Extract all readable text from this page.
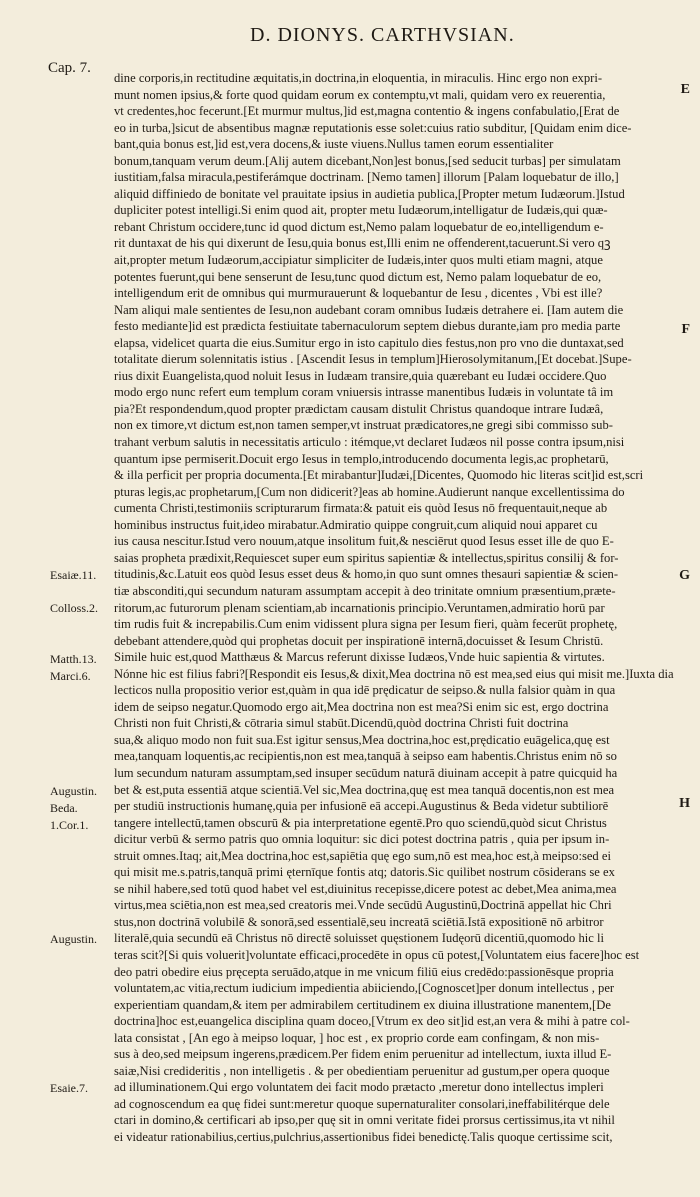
Cap. 7.
D. DIONYS. CARTHVSIAN.
Esaiæ.11.
Colloss.2.
Matth.13.
Marci.6.
Augustin.
Beda.
1.Cor.1.
Augustin.
Esaie.7.
E
F
G
H
dine corporis,in rectitudine æquitatis,in doctrina,in eloquentia, in miraculis. Hinc ergo non expri-
munt nomen ipsius,& forte quod quidam eorum ex contemptu,vt mali, quidam vero ex reuerentia,
vt credentes,hoc fecerunt.[Et murmur multus,]id est,magna contentio & ingens confabulatio,[Erat de
eo in turba,]sicut de absentibus magnæ reputationis esse solet:cuius ratio subditur, [Quidam enim dice-
bant,quia bonus est,]id est,vera docens,& iuste viuens.Nullus tamen eorum essentialiter
bonum,tanquam verum deum.[Alij autem dicebant,Non]est bonus,[sed seducit turbas] per simulatam
iustitiam,falsa miracula,pestiferámque doctrinam. [Nemo tamen] illorum [Palam loquebatur de illo,]
aliquid diffiniedo de bonitate vel prauitate ipsius in audietia publica,[Propter metum Iudæorum.]Istud
dupliciter potest intelligi.Si enim quod ait, propter metu Iudæorum,intelligatur de Iudæis,qui quæ-
rebant Christum occidere,tunc id quod dictum est,Nemo palam loquebatur de eo,intelligendum e-
rit duntaxat de his qui dixerunt de Iesu,quia bonus est,Illi enim ne offenderent,tacuerunt.Si vero qꝫ
ait,propter metum Iudæorum,accipiatur simpliciter de Iudæis,inter quos multi etiam magni, atque
potentes fuerunt,qui bene senserunt de Iesu,tunc quod dictum est, Nemo palam loquebatur de eo,
intelligendum erit de omnibus qui murmurauerunt & loquebantur de Iesu , dicentes , Vbi est ille?
Nam aliqui male sentientes de Iesu,non audebant coram omnibus Iudæis detrahere ei. [Iam autem die
festo mediante]id est prædicta festiuitate tabernaculorum septem diebus durante,iam pro media parte
elapsa, videlicet quarta die eius.Sumitur ergo in isto capitulo dies festus,non pro vno die duntaxat,sed
totalitate dierum solennitatis istius . [Ascendit Iesus in templum]Hierosolymitanum,[Et docebat.]Supe-
rius dixit Euangelista,quod noluit Iesus in Iudæam transire,quia quærebant eu Iudæi occidere.Quo
modo ergo nunc refert eum templum coram vniuersis intrasse manentibus Iudæis in voluntate tâ im
pia?Et respondendum,quod propter prædictam causam distulit Christus quandoque intrare Iudæâ,
non ex timore,vt dictum est,non tamen semper,vt instruat prædicatores,ne gregi sibi commisso sub-
trahant verbum salutis in necessitatis articulo : itémque,vt declaret Iudæos nil posse contra ipsum,nisi
quantum ipse permiserit.Docuit ergo Iesus in templo,introducendo documenta legis,ac prophetarū,
& illa perficit per propria documenta.[Et mirabantur]Iudæi,[Dicentes, Quomodo hic literas scit]id est,scri
pturas legis,ac prophetarum,[Cum non didicerit?]eas ab homine.Audierunt nanque excellentissima do
cumenta Christi,testimoniis scripturarum firmata:& patuit eis quòd Iesus nō frequentauit,neque ab
hominibus instructus fuit,ideo mirabatur.Admiratio quippe congruit,cum aliquid noui apparet cu
ius causa nescitur.Istud vero nouum,atque insolitum fuit,& nesciērut quod Iesus esset ille de quo E-
saias propheta prædixit,Requiescet super eum spiritus sapientiæ & intellectus,spiritus consilij & for-
titudinis,&c.Latuit eos quòd Iesus esset deus & homo,in quo sunt omnes thesauri sapientiæ & scien-
tiæ absconditi,qui secundum naturam assumptam accepit à deo trinitate omnium præsentium,præte-
ritorum,ac futurorum plenam scientiam,ab incarnationis principio.Veruntamen,admiratio horū par
tim rudis fuit & increpabilis.Cum enim vidissent plura signa per Iesum fieri, quàm fecerūt prophetę,
debebant attendere,quòd qui prophetas docuit per inspirationē internā,docuisset & Iesum Christū.
Simile huic est,quod Matthæus & Marcus referunt dixisse Iudæos,Vnde huic sapientia & virtutes.
Nónne hic est filius fabri?[Respondit eis Iesus,& dixit,Mea doctrina nō est mea,sed eius qui misit me.]Iuxta dia
lecticos nulla propositio verior est,quàm in qua idē prędicatur de seipso.& nulla falsior quàm in qua
idem de seipso negatur.Quomodo ergo ait,Mea doctrina non est mea?Si enim sic est, ergo doctrina
Christi non fuit Christi,& cōtraria simul stabūt.Dicendū,quòd doctrina Christi fuit doctrina
sua,& aliquo modo non fuit sua.Est igitur sensus,Mea doctrina,hoc est,prędicatio euāgelica,quę est
mea,tanquam loquentis,ac recipientis,non est mea,tanquā à seipso eam habentis.Christus enim nō so
lum secundum naturam assumptam,sed insuper secūdum naturā diuinam accepit à patre quicquid ha
bet & est,puta essentiā atque scientiā.Vel sic,Mea doctrina,quę est mea tanquā docentis,non est mea
per studiū instructionis humanę,quia per infusionē eā accepi.Augustinus & Beda videtur subtiliorē
tangere intellectū,tamen obscurū & pia interpretatione egentē.Pro quo sciendū,quòd sicut Christus
dicitur verbū & sermo patris quo omnia loquitur: sic dici potest doctrina patris , quia per ipsum in-
struit omnes.Itaq; ait,Mea doctrina,hoc est,sapiētia quę ego sum,nō est mea,hoc est,à meipso:sed ei
qui misit me.s.patris,tanquā primi ęternīque fontis atq; datoris.Sic quilibet nostrum cōsiderans se ex
se nihil habere,sed totū quod habet vel est,diuinitus recepisse,dicere potest ac debet,Mea anima,mea
virtus,mea sciētia,non est mea,sed creatoris mei.Vnde secūdū Augustinū,Doctrinā appellat hic Chri
stus,non doctrinā volubilē & sonorā,sed essentialē,seu increatā sciētiā.Istā expositionē nō arbitror
literalē,quia secundū eā Christus nō directē soluisset quęstionem Iudęorū dicentiū,quomodo hic li
teras scit?[Si quis voluerit]voluntate efficaci,procedēte in opus cū potest,[Voluntatem eius facere]hoc est
deo patri obedire eius pręcepta seruādo,atque in me vnicum filiū eius credēdo:passionēsque propria
voluntatem,ac vitia,rectum iudicium impedientia abiiciendo,[Cognoscet]per donum intellectus , per
experientiam quandam,& item per admirabilem certitudinem ex diuina illustratione manentem,[De
doctrina]hoc est,euangelica disciplina quam doceo,[Vtrum ex deo sit]id est,an vera & mihi à patre col-
lata consistat , [An ego à meipso loquar, ] hoc est , ex proprio corde eam confingam, & non mis-
sus à deo,sed meipsum ingerens,prædicem.Per fidem enim peruenitur ad intellectum, iuxta illud E-
saiæ,Nisi credideritis , non intelligetis . & per obedientiam peruenitur ad gustum,per opera quoque
ad illuminationem.Qui ergo voluntatem dei facit modo prætacto ,meretur dono intellectus impleri
ad cognoscendum ea quę fidei sunt:meretur quoque supernaturaliter consolari,ineffabilitérque dele
ctari in domino,& certificari ab ipso,per quę sit in omni veritate fidei prorsus certissimus,ita vt nihil
ei videatur rationabilius,certius,pulchrius,assertionibus fidei benedictę.Talis quoque certissime scit,
